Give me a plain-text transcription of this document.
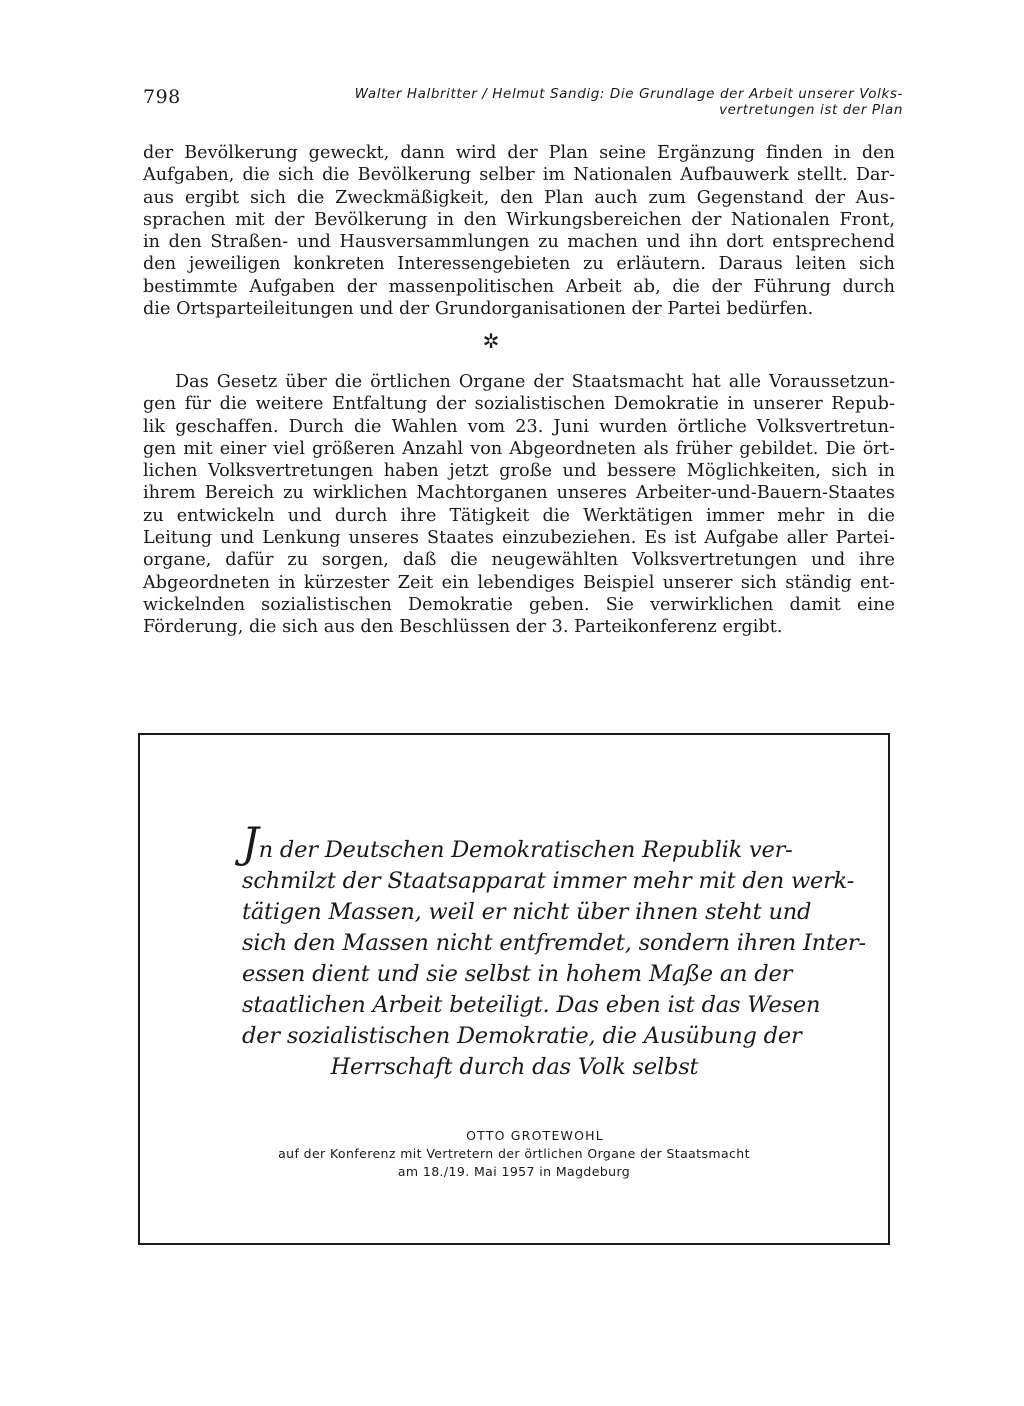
798	Walter Halbritter / Helmut Sandig: Die Grundlage der Arbeit unserer Volks-
vertretungen ist der Plan
der Bevölkerung geweckt, dann wird der Plan seine Ergänzung finden in den
Aufgaben, die sich die Bevölkerung selber im Nationalen Aufbauwerk stellt. Dar-
aus ergibt sich die Zweckmäßigkeit, den Plan auch zum Gegenstand der Aus-
sprachen mit der Bevölkerung in den Wirkungsbereichen der Nationalen Front,
in den Straßen- und Hausversammlungen zu machen und ihn dort entsprechend
den jeweiligen konkreten Interessengebieten zu erläutern. Daraus leiten sich
bestimmte Aufgaben der massenpolitischen Arbeit ab, die der Führung durch
die Ortsparteileitungen und der Grundorganisationen der Partei bedürfen.
✲
Das Gesetz über die örtlichen Organe der Staatsmacht hat alle Voraussetzun-
gen für die weitere Entfaltung der sozialistischen Demokratie in unserer Repub-
lik geschaffen. Durch die Wahlen vom 23. Juni wurden örtliche Volksvertretun-
gen mit einer viel größeren Anzahl von Abgeordneten als früher gebildet. Die ört-
lichen Volksvertretungen haben jetzt große und bessere Möglichkeiten, sich in
ihrem Bereich zu wirklichen Machtorganen unseres Arbeiter-und-Bauern-Staates
zu entwickeln und durch ihre Tätigkeit die Werktätigen immer mehr in die
Leitung und Lenkung unseres Staates einzubeziehen. Es ist Aufgabe aller Partei-
organe, dafür zu sorgen, daß die neugewählten Volksvertretungen und ihre
Abgeordneten in kürzester Zeit ein lebendiges Beispiel unserer sich ständig ent-
wickelnden sozialistischen Demokratie geben. Sie verwirklichen damit eine
Förderung, die sich aus den Beschlüssen der 3. Parteikonferenz ergibt.
Jn der Deutschen Demokratischen Republik ver-
schmilzt der Staatsapparat immer mehr mit den werk-
tätigen Massen, weil er nicht über ihnen steht und
sich den Massen nicht entfremdet, sondern ihren Inter-
essen dient und sie selbst in hohem Maße an der
staatlichen Arbeit beteiligt. Das eben ist das Wesen
der sozialistischen Demokratie, die Ausübung der
Herrschaft durch das Volk selbst
OTTO GROTEWOHL
auf der Konferenz mit Vertretern der örtlichen Organe der Staatsmacht
am 18./19. Mai 1957 in Magdeburg
